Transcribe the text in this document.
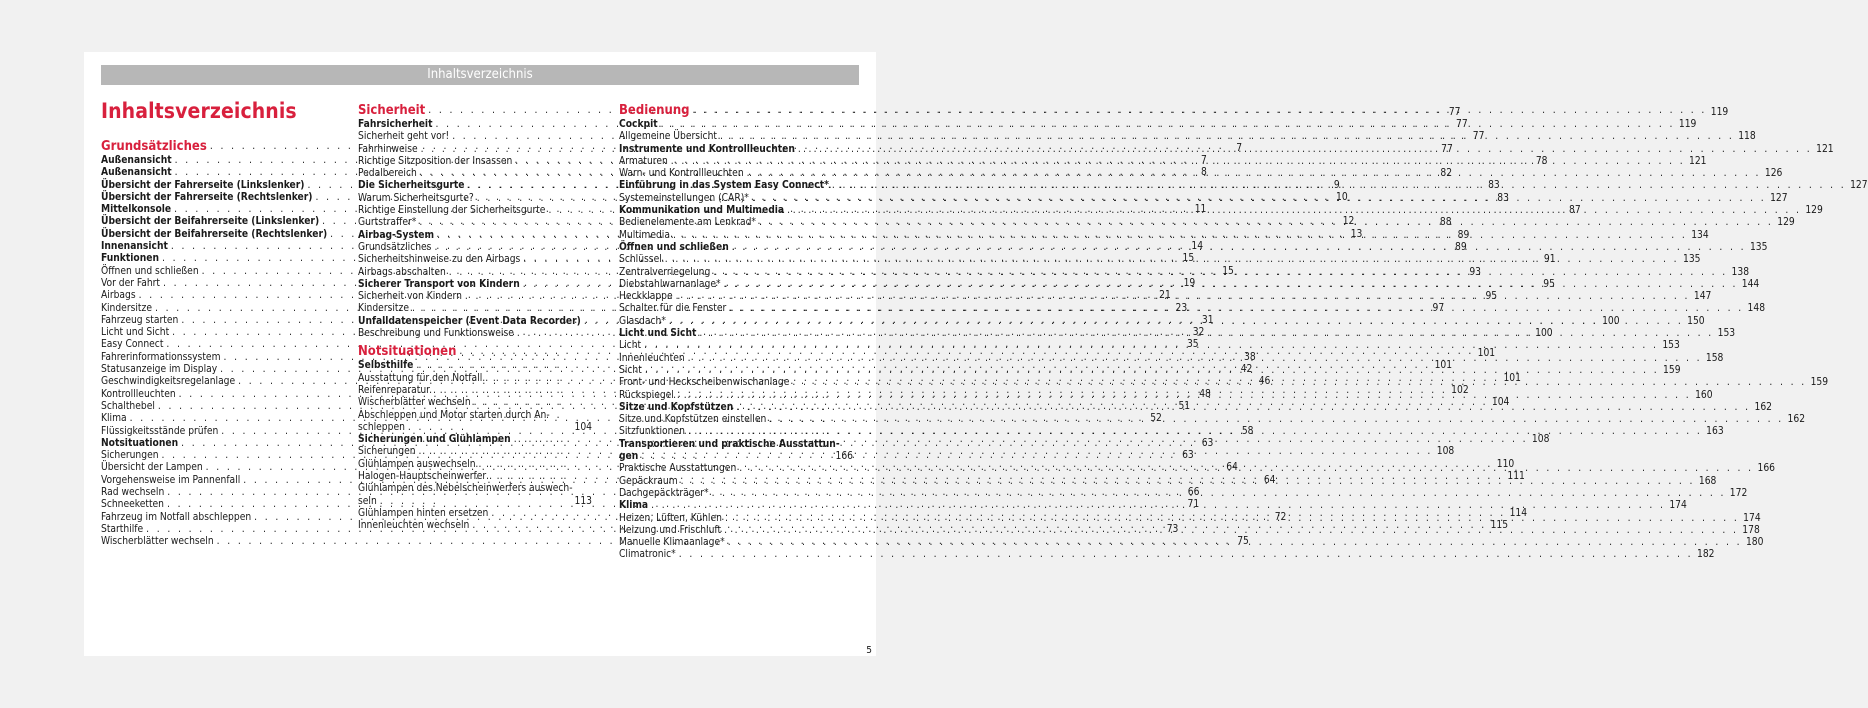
Inhaltsverzeichnis
Inhaltsverzeichnis
Grundsätzliches . . .	7
Außenansicht . . .	7
Außenansicht . . .	8
Übersicht der Fahrerseite (Linkslenker) . . .	9
Übersicht der Fahrerseite (Rechtslenker) . . .	10
Mittelkonsole . . .	11
Übersicht der Beifahrerseite (Linkslenker) . . .	12
Übersicht der Beifahrerseite (Rechtslenker) . . .	13
Innenansicht . . .	14
Funktionen . . .	15
Öffnen und schließen . . .	15
Vor der Fahrt . . .	19
Airbags . . .	21
Kindersitze . . .	23
Fahrzeug starten . . .	31
Licht und Sicht . . .	32
Easy Connect . . .	35
Fahrerinformationssystem . . .	38
Statusanzeige im Display . . .	42
Geschwindigkeitsregelanlage . . .	46
Kontrollleuchten . . .	48
Schalthebel . . .	51
Klima . . .	52
Flüssigkeitsstände prüfen . . .	58
Notsituationen . . .	63
Sicherungen . . .	63
Übersicht der Lampen . . .	64
Vorgehensweise im Pannenfall . . .	64
Rad wechseln . . .	66
Schneeketten . . .	71
Fahrzeug im Notfall abschleppen . . .	72
Starthilfe . . .	73
Wischerblätter wechseln . . .	75
Sicherheit . . .	77
Fahrsicherheit . . .	77
Sicherheit geht vor! . . .	77
Fahrhinweise . . .	77
Richtige Sitzposition der Insassen . . .	78
Pedalbereich . . .	82
Die Sicherheitsgurte . . .	83
Warum Sicherheitsgurte? . . .	83
Richtige Einstellung der Sicherheitsgurte . . .	87
Gurtstraffer* . . .	88
Airbag-System . . .	89
Grundsätzliches . . .	89
Sicherheitshinweise zu den Airbags . . .	91
Airbags abschalten . . .	93
Sicherer Transport von Kindern . . .	95
Sicherheit von Kindern . . .	95
Kindersitze . . .	97
Unfalldatenspeicher (Event Data Recorder) . . .	100
Beschreibung und Funktionsweise . . .	100
Notsituationen . . .	101
Selbsthilfe . . .	101
Ausstattung für den Notfall . . .	101
Reifenreparatur . . .	102
Wischerblätter wechseln . . .	104
Abschleppen und Motor starten durch An-
schleppen . . .	104
Sicherungen und Glühlampen . . .	108
Sicherungen . . .	108
Glühlampen auswechseln . . .	110
Halogen-Hauptscheinwerfer . . .	111
Glühlampen des Nebelscheinwerfers auswech-
seln . . .	113
Glühlampen hinten ersetzen . . .	114
Innenleuchten wechseln . . .	115
Bedienung . . .	119
Cockpit . . .	119
Allgemeine Übersicht . . .	118
Instrumente und Kontrollleuchten . . .	121
Armaturen . . .	121
Warn- und Kontrollleuchten . . .	126
Einführung in das System Easy Connect* . . .	127
Systemeinstellungen (CAR)* . . .	127
Kommunikation und Multimedia . . .	129
Bedienelemente am Lenkrad* . . .	129
Multimedia . . .	134
Öffnen und schließen . . .	135
Schlüssel . . .	135
Zentralverriegelung . . .	138
Diebstahlwarnanlage* . . .	144
Heckklappe . . .	147
Schalter für die Fenster . . .	148
Glasdach* . . .	150
Licht und Sicht . . .	153
Licht . . .	153
Innenleuchten . . .	158
Sicht . . .	159
Front- und Heckscheibenwischanlage . . .	159
Rückspiegel . . .	160
Sitze und Kopfstützen . . .	162
Sitze und Kopfstützen einstellen . . .	162
Sitzfunktionen . . .	163
Transportieren und praktische Ausstattun-
gen . . .	166
Praktische Ausstattungen . . .	166
Gepäckraum . . .	168
Dachgepäckträger* . . .	172
Klima . . .	174
Heizen, Lüften, Kühlen . . .	174
Heizung und Frischluft . . .	178
Manuelle Klimaanlage* . . .	180
Climatronic* . . .	182
5
